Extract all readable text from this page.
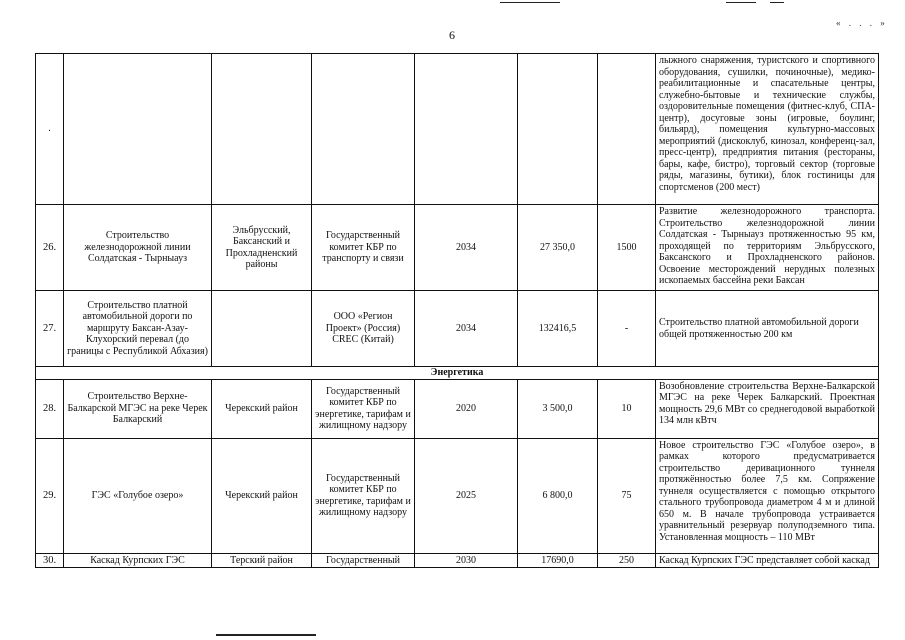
« . . . »
6
.							лыжного снаряжения, туристского и спортивного оборудования, сушилки, починочные), медико-реабилитационные и спасательные центры, служебно-бытовые и технические службы, оздоровительные помещения (фитнес-клуб, СПА-центр), досуговые зоны (игровые, боулинг, бильярд), помещения культурно-массовых мероприятий (дискоклуб, кинозал, конференц-зал, пресс-центр), предприятия питания (рестораны, бары, кафе, бистро), торговый сектор (торговые ряды, магазины, бутики), блок гостиницы для спортсменов (200 мест)
26.	Строительство железнодорожной линии Солдатская - Тырныауз	Эльбрусский, Баксанский и Прохладненский районы	Государственный комитет КБР по транспорту и связи	2034	27 350,0	1500	Развитие железнодорожного транспорта. Строительство железнодорожной линии Солдатская - Тырныауз протяженностью 95 км, проходящей по территориям Эльбрусского, Баксанского и Прохладненского районов. Освоение месторождений нерудных полезных ископаемых бассейна реки Баксан
27.	Строительство платной автомобильной дороги по маршруту Баксан-Азау-Клухорский перевал (до границы с Республикой Абхазия)		ООО «Регион Проект» (Россия) CREC (Китай)	2034	132416,5	-	Строительство платной автомобильной дороги общей протяженностью 200 км
Энергетика							
28.	Строительство Верхне-Балкарской МГЭС на реке Черек Балкарский	Черекский район	Государственный комитет КБР по энергетике, тарифам и жилищному надзору	2020	3 500,0	10	Возобновление строительства Верхне-Балкарской МГЭС на реке Черек Балкарский. Проектная мощность 29,6 МВт со среднегодовой выработкой 134 млн кВтч
29.	ГЭС «Голубое озеро»	Черекский район	Государственный комитет КБР по энергетике, тарифам и жилищному надзору	2025	6 800,0	75	Новое строительство ГЭС «Голубое озеро», в рамках которого предусматривается строительство деривационного туннеля протяжённостью более 7,5 км. Сопряжение туннеля осуществляется с помощью открытого стального трубопровода диаметром 4 м и длиной 650 м. В начале трубопровода устраивается уравнительный резервуар полуподземного типа. Установленная мощность – 110 МВт
30.	Каскад Курпских ГЭС	Терский район	Государственный	2030	17690,0	250	Каскад Курпских ГЭС представляет собой каскад
